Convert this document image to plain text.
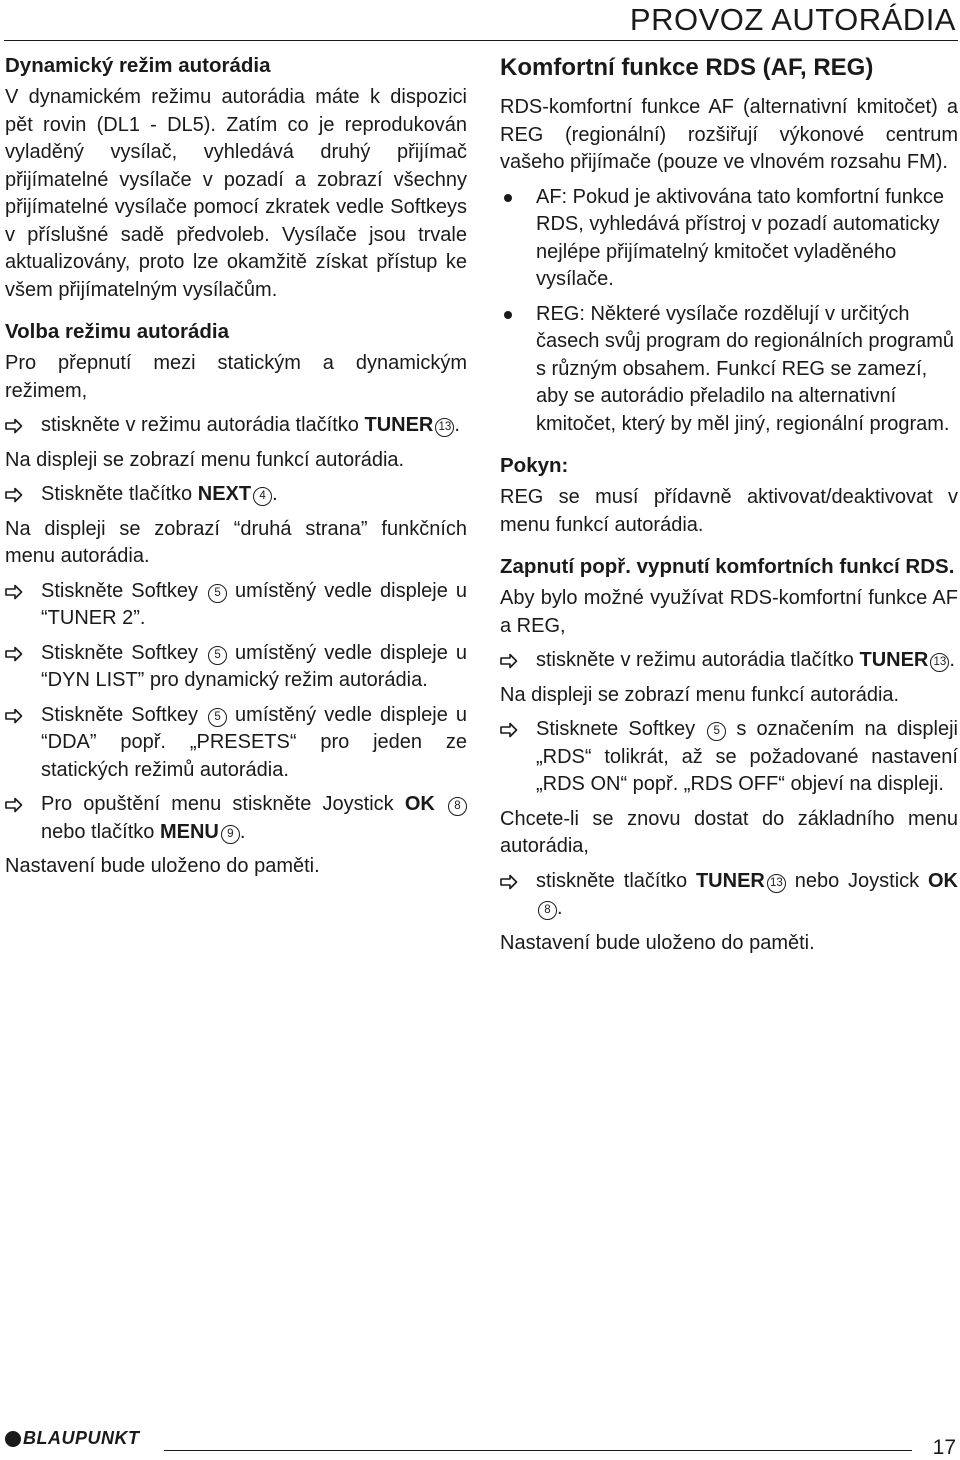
PROVOZ AUTORÁDIA
Dynamický režim autorádia

V dynamickém režimu autorádia máte k dispozici pět rovin (DL1 - DL5). Zatím co je reprodukován vyladěný vysílač, vyhledává druhý přijímač přijímatelné vysílače v pozadí a zobrazí všechny přijímatelné vysílače pomocí zkratek vedle Softkeys v příslušné sadě předvoleb. Vysílače jsou trvale aktualizovány, proto lze okamžitě získat přístup ke všem přijímatelným vysílačům.

Volba režimu autorádia

Pro přepnutí mezi statickým a dynamickým režimem,

stiskněte v režimu autorádia tlačítko TUNER 13 .

Na displeji se zobrazí menu funkcí autorádia.

Stiskněte tlačítko NEXT 4 .

Na displeji se zobrazí “druhá strana” funkčních menu autorádia.

Stiskněte Softkey 5 umístěný vedle displeje u “TUNER 2”.
Stiskněte Softkey 5 umístěný vedle displeje u “DYN LIST” pro dynamický režim autorádia.
Stiskněte Softkey 5 umístěný vedle displeje u “DDA” popř. „PRESETS“ pro jeden ze statických režimů autorádia.
Pro opuštění menu stiskněte Joystick OK 8 nebo tlačítko MENU 9 .

Nastavení bude uloženo do paměti.

Komfortní funkce RDS (AF, REG)

RDS-komfortní funkce AF (alternativní kmitočet) a REG (regionální) rozšiřují výkonové centrum vašeho přijímače (pouze ve vlnovém rozsahu FM).

AF: Pokud je aktivována tato komfortní funkce RDS, vyhledává přístroj v pozadí automaticky nejlépe přijímatelný kmitočet vyladěného vysílače.
REG: Některé vysílače rozdělují v určitých časech svůj program do regionálních programů s různým obsahem. Funkcí REG se zamezí, aby se autorádio přeladilo na alternativní kmitočet, který by měl jiný, regionální program.
Pokyn:

REG se musí přídavně aktivovat/deaktivovat v menu funkcí autorádia.

Zapnutí popř. vypnutí komfortních funkcí RDS.

Aby bylo možné využívat RDS-komfortní funkce AF a REG,

stiskněte v režimu autorádia tlačítko TUNER 13 .

Na displeji se zobrazí menu funkcí autorádia.

Stisknete Softkey 5 s označením na displeji „RDS“ tolikrát, až se požadované nastavení „RDS ON“ popř. „RDS OFF“ objeví na displeji.

Chcete-li se znovu dostat do základního menu autorádia,

stiskněte tlačítko TUNER 13 nebo Joystick OK8 .

Nastavení bude uloženo do paměti.

BLAUPUNKT	17
